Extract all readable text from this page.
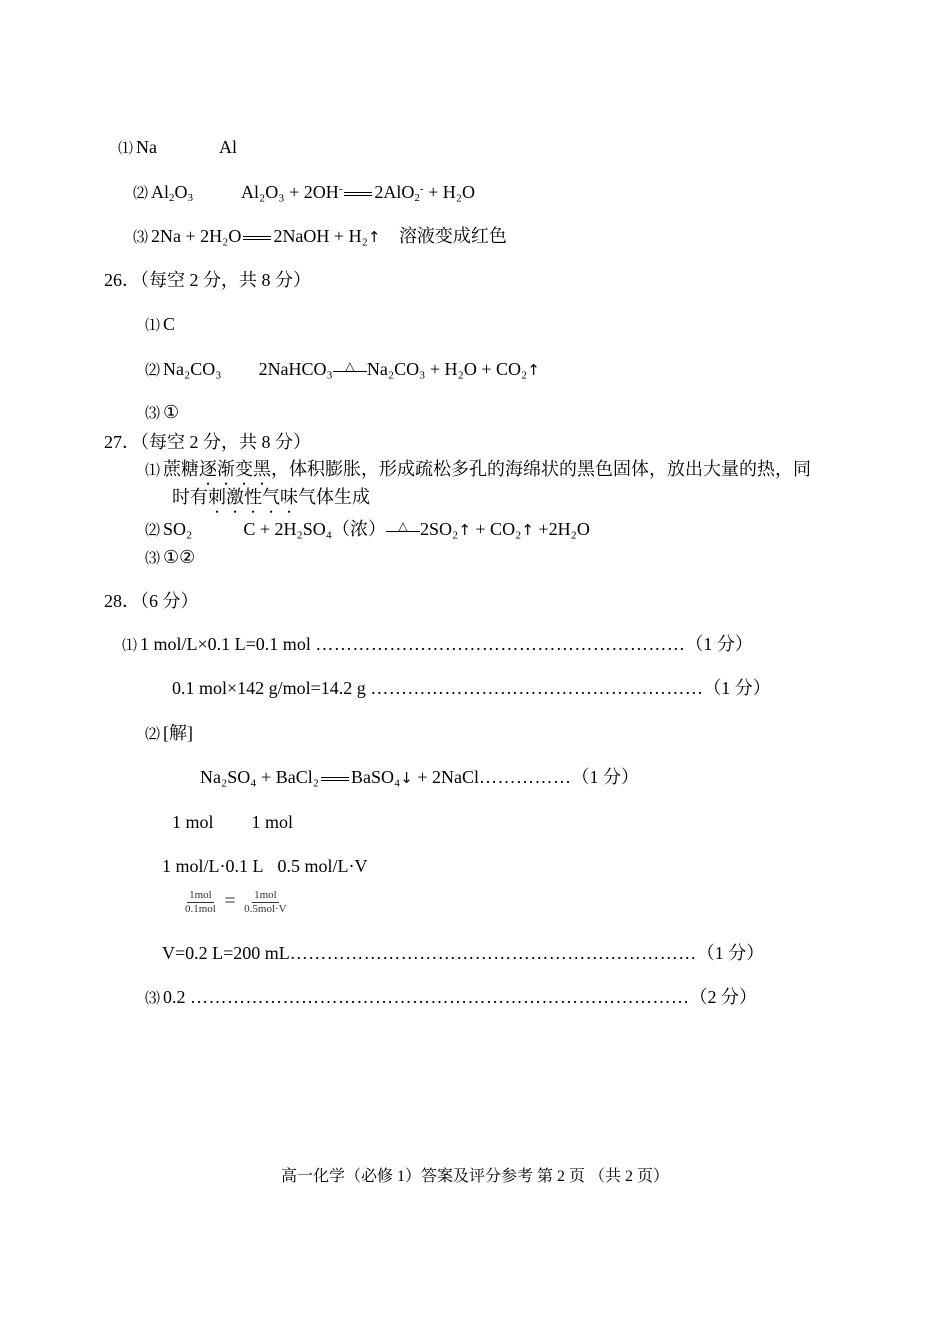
⑴ Na	Al
⑵ $Al_2O_3$	Al₂O₃ + 2OH- 2AlO$_2$- + H₂O
⑶ 2Na + 2H₂O 2NaOH + H₂↑ 溶液变成红色
26．（每空 2 分，共 8 分）
⑴ C
⑵ Na₂CO₃ 2NaHCO₃	△ Na₂CO₃ + H₂O + CO₂↑
⑶ ①
27．（每空 2 分，共 8 分）
⑴ 蔗糖逐渐变黑，体积膨胀，形成疏松多孔的海绵状的黑色固体，放出大量的热，同
时有刺激性气味气体生成
⑵ SO₂	C + 2H₂SO₄（浓）	△ 2SO₂↑ + CO₂↑ +2H₂O
⑶ ①②
28．（6 分）
⑴ 1 mol/L×0.1 L=0.1 mol ……………………………………………………（1 分）
0.1 mol×142 g/mol=14.2 g ………………………………………………（1 分）
⑵ [解]
Na₂SO₄ + BaCl₂ BaSO₄↓ + 2NaCl……………（1 分）
1 mol 1 mol
1 mol/L·0.1 L 0.5 mol/L·V
$\frac{\text{1mol}}{\text{0.1mol}} = \frac{\text{1mol}}{\text{0.5mol·V}}$
V=0.2 L=200 mL…………………………………………………………（1 分）
⑶ 0.2 ………………………………………………………………………（2 分）
高一化学（必修 1）答案及评分参考 第 2 页 （共 2 页）
